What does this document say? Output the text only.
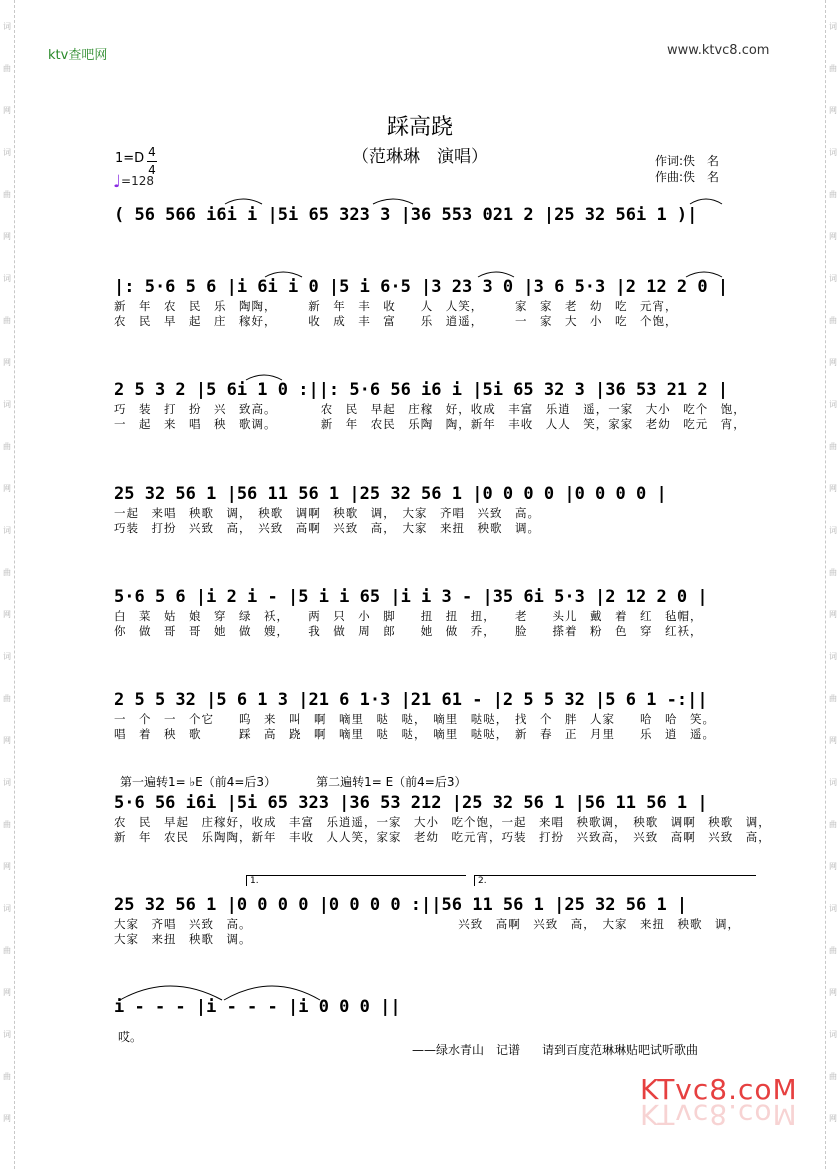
词
曲
网
词
曲
网
词
曲
网
词
曲
网
词
曲
网
词
曲
网
词
曲
网
词
曲
网
词
曲
网
词
曲
网
词
曲
网
词
曲
网
词
曲
网
词
曲
网
词
曲
网
词
曲
网
词
曲
网
词
曲
网
ktv查吧网	www.ktvc8.com
踩高跷
（范琳琳　演唱）
1=D 4
4
♩=128
作词:佚　名
作曲:佚　名
( 56 566 i6i i |5i 65 323 3 |36 553 021 2 |25 32 56i 1 )|
|: 5·6 5 6 |i 6i i 0 |5 i 6·5 |3 23 3 0 |3 6 5·3 |2 12 2 0 |
新　年　农　民　乐　陶陶，　　　新　年　丰　收　　人　人笑，　　　家　家　老　幼　吃　元宵，
农　民　早　起　庄　稼好，　　　收　成　丰　富　　乐　逍遥，　　　一　家　大　小　吃　个饱，
2 5 3 2 |5 6i 1 0 :||: 5·6 56 i6 i |5i 65 32 3 |36 53 21 2 |
巧　装　打　扮　兴　致高。　　　　农　民　早起　庄稼　好，收成　丰富　乐逍　遥，一家　大小　吃个　饱，
一　起　来　唱　秧　歌调。　　　　新　年　农民　乐陶　陶，新年　丰收　人人　笑，家家　老幼　吃元　宵，
25 32 56 1 |56 11 56 1 |25 32 56 1 |0 0 0 0 |0 0 0 0 |
一起　来唱　秧歌　调，　秧歌　调啊　秧歌　调，　大家　齐唱　兴致　高。
巧装　打扮　兴致　高，　兴致　高啊　兴致　高，　大家　来扭　秧歌　调。
5·6 5 6 |i 2 i - |5 i i 65 |i i 3 - |35 6i 5·3 |2 12 2 0 |
白　菜　姑　娘　穿　绿　袄，　　两　只　小　脚　　扭　扭　扭，　　老　　头儿　戴　着　红　毡帽，
你　做　哥　哥　她　做　嫂，　　我　做　周　郎　　她　做　乔，　　脸　　搽着　粉　色　穿　红袄，
2 5 5 32 |5 6 1 3 |21 6 1·3 |21 61 - |2 5 5 32 |5 6 1 -:||
一　个　一　个它　　呜　来　叫　啊　嘀里　哒　哒，　嘀里　哒哒，　找　个　胖　人家　　哈　哈　笑。
唱　着　秧　歌　　　踩　高　跷　啊　嘀里　哒　哒，　嘀里　哒哒，　新　春　正　月里　　乐　逍　遥。
第一遍转1= ♭E（前4=后3）	第二遍转1= E（前4=后3）
5·6 56 i6i |5i 65 323 |36 53 212 |25 32 56 1 |56 11 56 1 |
农　民　早起　庄稼好，收成　丰富　乐逍遥，一家　大小　吃个饱，一起　来唱　秧歌调，　秧歌　调啊　秧歌　调，
新　年　农民　乐陶陶，新年　丰收　人人笑，家家　老幼　吃元宵，巧装　打扮　兴致高，　兴致　高啊　兴致　高，
1.	2.
25 32 56 1 |0 0 0 0 |0 0 0 0 :||56 11 56 1 |25 32 56 1 |
大家　齐唱　兴致　高。　　　　　　　　　　　　　　　　　兴致　高啊　兴致　高，　大家　来扭　秧歌　调，
大家　来扭　秧歌　调。
i - - - |i - - - |i 0 0 0 ||
哎。
——绿水青山　记谱 请到百度范琳琳贴吧试听歌曲
KTvc8.coM
KTvc8.coM
